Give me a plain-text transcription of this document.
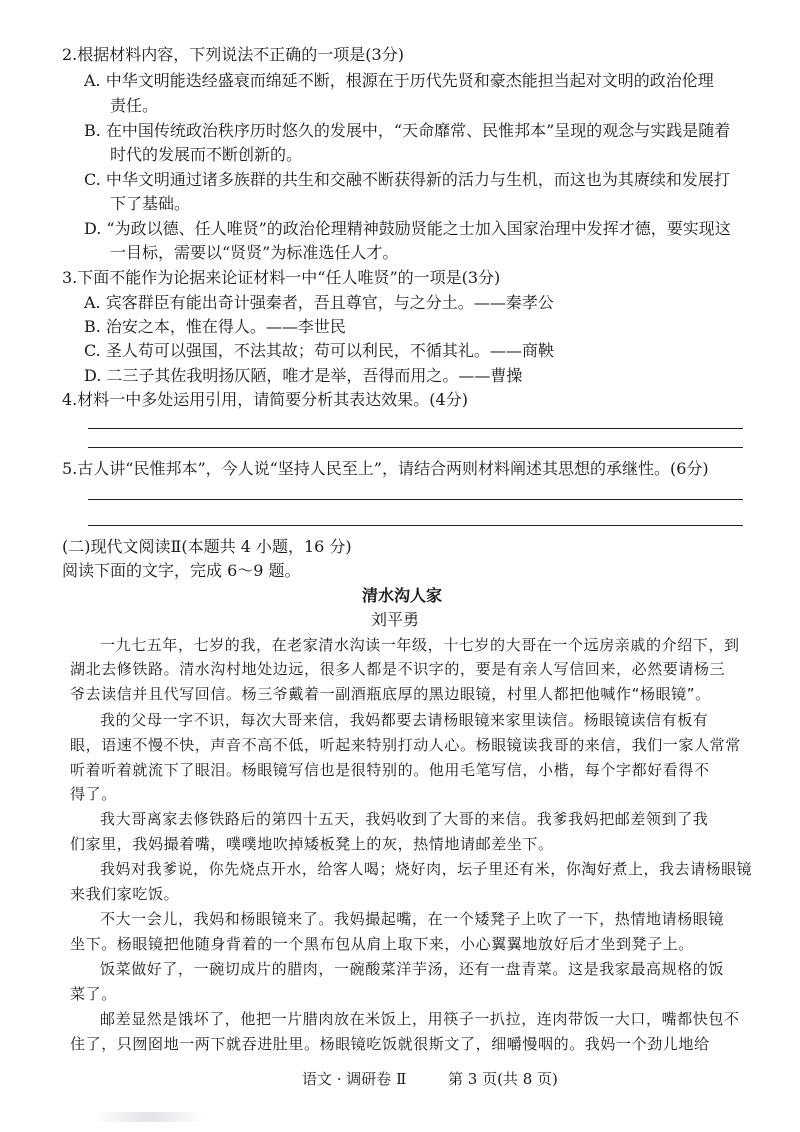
2.根据材料内容，下列说法不正确的一项是(3分)
A. 中华文明能迭经盛衰而绵延不断，根源在于历代先贤和豪杰能担当起对文明的政治伦理
责任。
B. 在中国传统政治秩序历时悠久的发展中，“天命靡常、民惟邦本”呈现的观念与实践是随着
时代的发展而不断创新的。
C. 中华文明通过诸多族群的共生和交融不断获得新的活力与生机，而这也为其赓续和发展打
下了基础。
D. “为政以德、任人唯贤”的政治伦理精神鼓励贤能之士加入国家治理中发挥才德，要实现这
一目标，需要以“贤贤”为标准选任人才。
3.下面不能作为论据来论证材料一中“任人唯贤”的一项是(3分)
A. 宾客群臣有能出奇计强秦者，吾且尊官，与之分土。——秦孝公
B. 治安之本，惟在得人。——李世民
C. 圣人苟可以强国，不法其故；苟可以利民，不循其礼。——商鞅
D. 二三子其佐我明扬仄陋，唯才是举，吾得而用之。——曹操
4.材料一中多处运用引用，请简要分析其表达效果。(4分)
5.古人讲“民惟邦本”，今人说“坚持人民至上”，请结合两则材料阐述其思想的承继性。(6分)
(二)现代文阅读Ⅱ(本题共 4 小题，16 分)
阅读下面的文字，完成 6～9 题。
清水沟人家
刘平勇
一九七五年，七岁的我，在老家清水沟读一年级，十七岁的大哥在一个远房亲戚的介绍下，到
湖北去修铁路。清水沟村地处边远，很多人都是不识字的，要是有亲人写信回来，必然要请杨三
爷去读信并且代写回信。杨三爷戴着一副酒瓶底厚的黑边眼镜，村里人都把他喊作“杨眼镜”。
我的父母一字不识，每次大哥来信，我妈都要去请杨眼镜来家里读信。杨眼镜读信有板有
眼，语速不慢不快，声音不高不低，听起来特别打动人心。杨眼镜读我哥的来信，我们一家人常常
听着听着就流下了眼泪。杨眼镜写信也是很特别的。他用毛笔写信，小楷，每个字都好看得不
得了。
我大哥离家去修铁路后的第四十五天，我妈收到了大哥的来信。我爹我妈把邮差领到了我
们家里，我妈撮着嘴，噗噗地吹掉矮板凳上的灰，热情地请邮差坐下。
我妈对我爹说，你先烧点开水，给客人喝；烧好肉，坛子里还有米，你淘好煮上，我去请杨眼镜
来我们家吃饭。
不大一会儿，我妈和杨眼镜来了。我妈撮起嘴，在一个矮凳子上吹了一下，热情地请杨眼镜
坐下。杨眼镜把他随身背着的一个黑布包从肩上取下来，小心翼翼地放好后才坐到凳子上。
饭菜做好了，一碗切成片的腊肉，一碗酸菜洋芋汤，还有一盘青菜。这是我家最高规格的饭
菜了。
邮差显然是饿坏了，他把一片腊肉放在米饭上，用筷子一扒拉，连肉带饭一大口，嘴都快包不
住了，只囫囵地一两下就吞进肚里。杨眼镜吃饭就很斯文了，细嚼慢咽的。我妈一个劲儿地给
语文 · 调研卷 Ⅱ	第 3 页(共 8 页)
